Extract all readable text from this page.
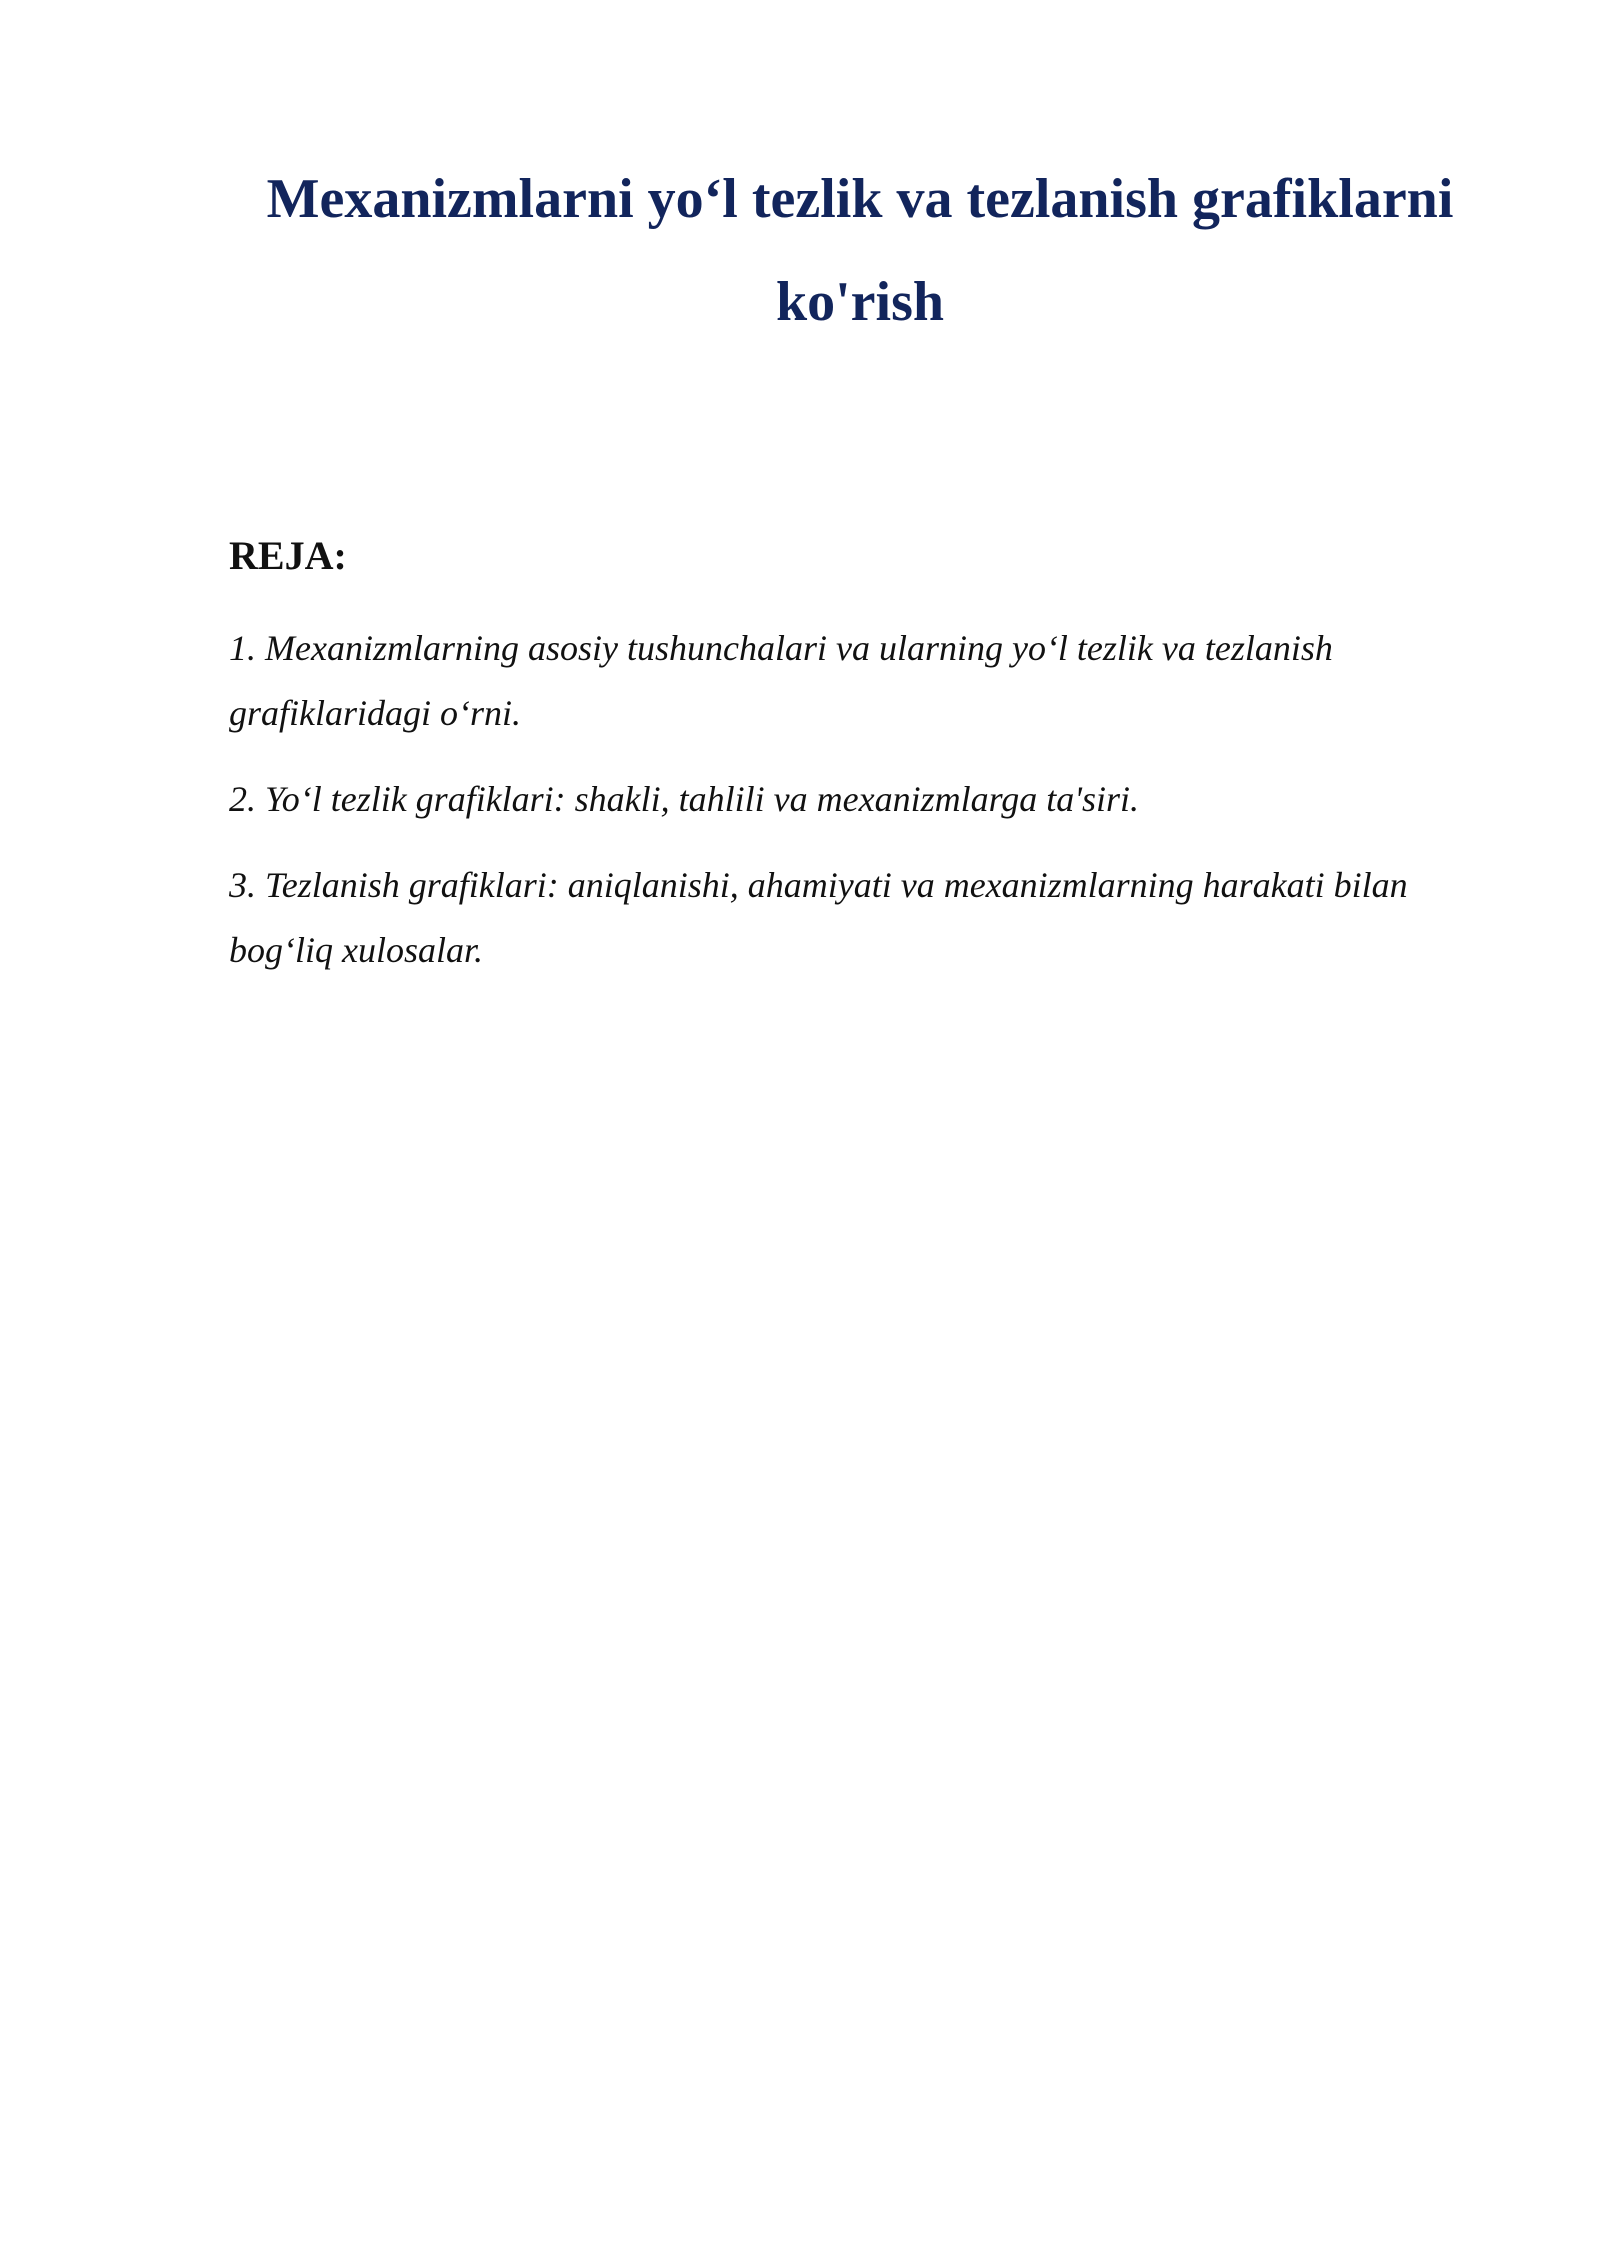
Mexanizmlarni yo‘l tezlik va tezlanish grafiklarni ko'rish
REJA:
1. Mexanizmlarning asosiy tushunchalari va ularning yo‘l tezlik va tezlanish grafiklaridagi o‘rni.
2. Yo‘l tezlik grafiklari: shakli, tahlili va mexanizmlarga ta'siri.
3. Tezlanish grafiklari: aniqlanishi, ahamiyati va mexanizmlarning harakati bilan bog‘liq xulosalar.
